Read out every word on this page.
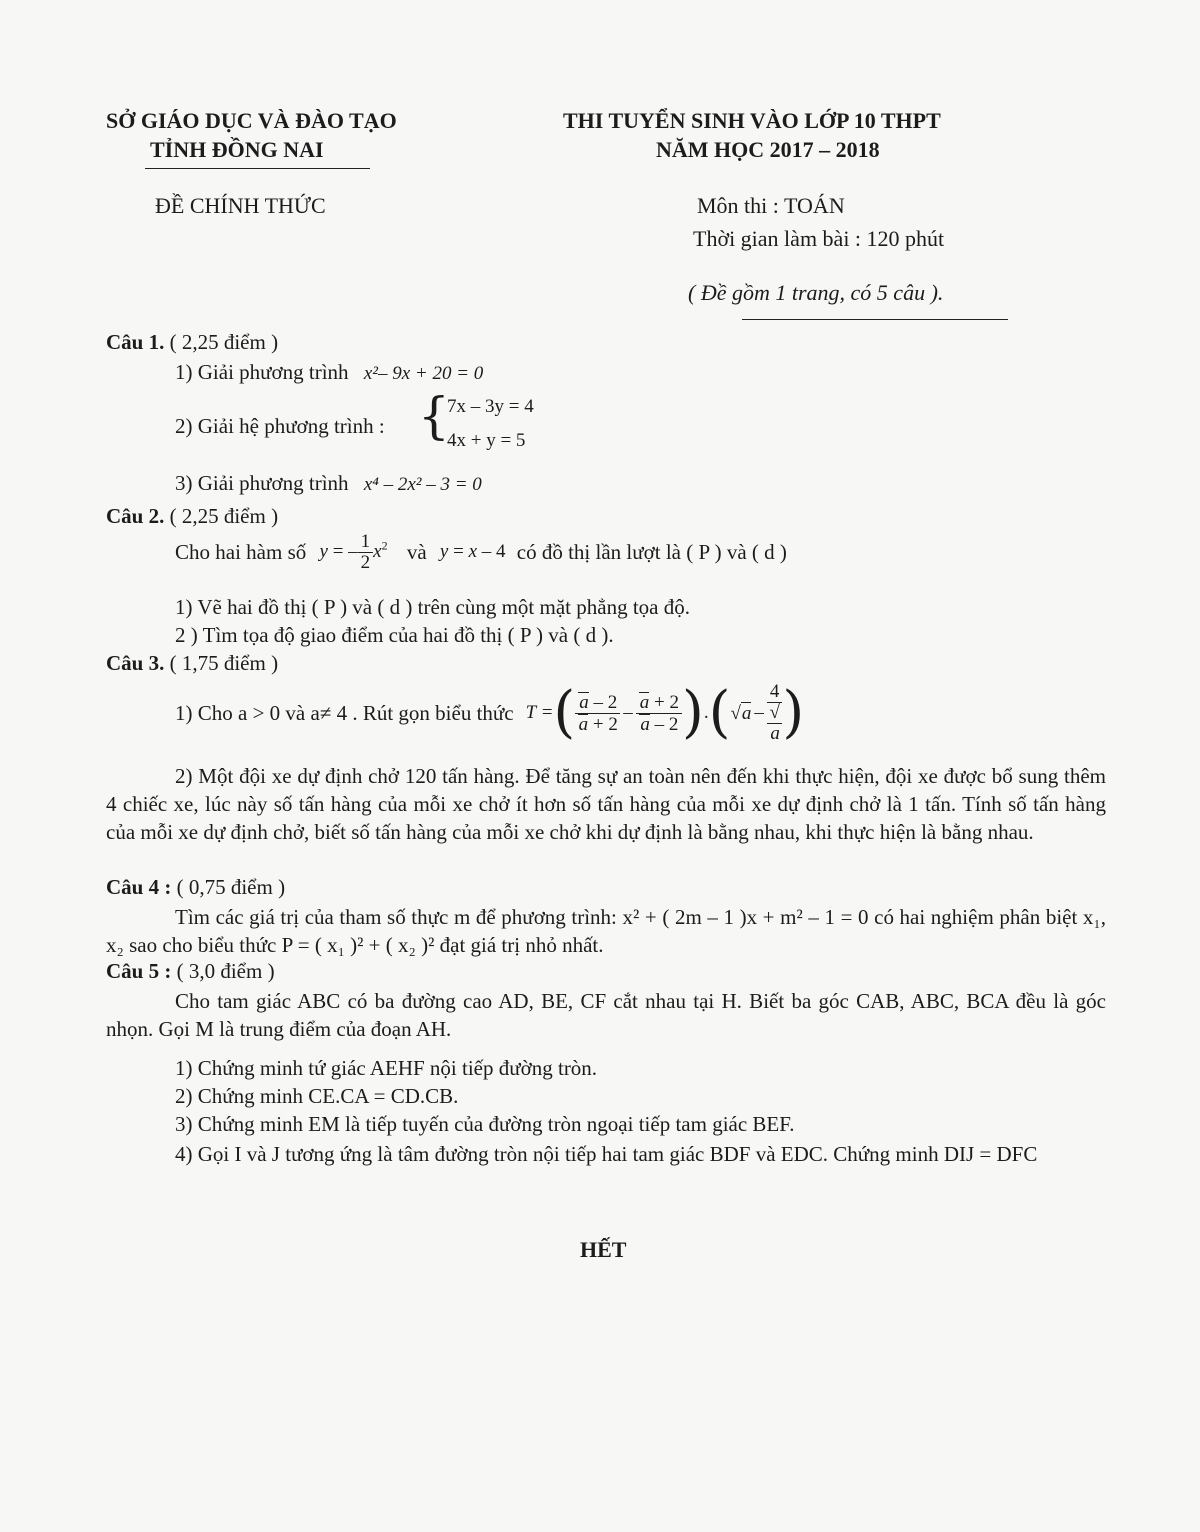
SỞ GIÁO DỤC VÀ ĐÀO TẠO
TỈNH ĐỒNG NAI
THI TUYỂN SINH VÀO LỚP 10 THPT
NĂM HỌC 2017 – 2018
ĐỀ CHÍNH THỨC	Môn thi : TOÁN
Thời gian làm bài : 120 phút
( Đề gồm 1 trang, có 5 câu ).
Câu 1. ( 2,25 điểm )
1) Giải phương trình x²– 9x + 20 = 0
2) Giải hệ phương trình : {
7x – 3y = 4
4x + y = 5
3) Giải phương trình x⁴ – 2x² – 3 = 0
Câu 2. ( 2,25 điểm )
Cho hai hàm số y = – $\frac{1}{2} x^2$ và y = x – 4 có đồ thị lần lượt là ( P ) và ( d )
1) Vẽ hai đồ thị ( P ) và ( d ) trên cùng một mặt phẳng tọa độ.
2 ) Tìm tọa độ giao điểm của hai đồ thị ( P ) và ( d ).
Câu 3. ( 1,75 điểm )
1) Cho a > 0 và a≠ 4 . Rút gọn biểu thức T = ( $\frac{a - 2}{a + 2} - \frac{a + 2}{a - 2}$ ) . ( √a – 4
√
a )
2) Một đội xe dự định chở 120 tấn hàng. Để tăng sự an toàn nên đến khi thực hiện, đội xe được bổ sung thêm 4 chiếc xe, lúc này số tấn hàng của mỗi xe chở ít hơn số tấn hàng của mỗi xe dự định chở là 1 tấn. Tính số tấn hàng của mỗi xe dự định chở, biết số tấn hàng của mỗi xe chở khi dự định là bằng nhau, khi thực hiện là bằng nhau.
Câu 4 : ( 0,75 điểm )
Tìm các giá trị của tham số thực m để phương trình: x² + ( 2m – 1 )x + m² – 1 = 0 có hai nghiệm phân biệt x₁, x₂ sao cho biểu thức P = ( x₁ )² + ( x₂ )² đạt giá trị nhỏ nhất.
Câu 5 : ( 3,0 điểm )
Cho tam giác ABC có ba đường cao AD, BE, CF cắt nhau tại H. Biết ba góc CAB, ABC, BCA đều là góc nhọn. Gọi M là trung điểm của đoạn AH.
1) Chứng minh tứ giác AEHF nội tiếp đường tròn.
2) Chứng minh CE.CA = CD.CB.
3) Chứng minh EM là tiếp tuyến của đường tròn ngoại tiếp tam giác BEF.
4) Gọi I và J tương ứng là tâm đường tròn nội tiếp hai tam giác BDF và EDC. Chứng minh DIJ = DFC
HẾT
